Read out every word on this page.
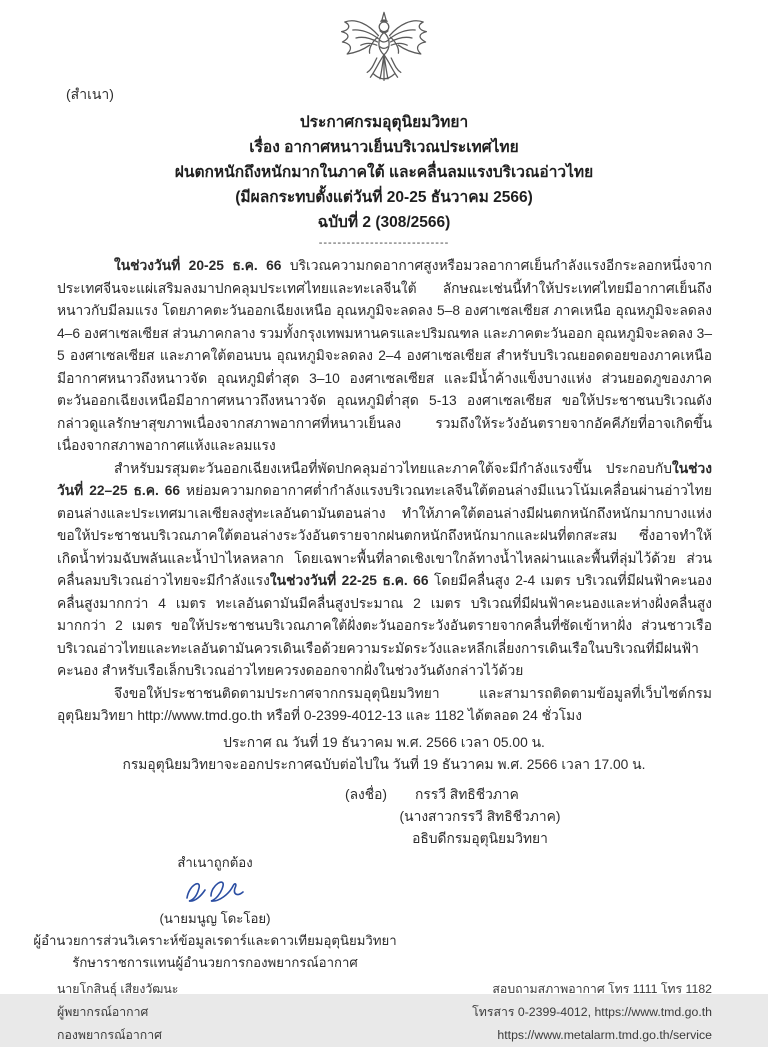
(สำเนา)
ประกาศกรมอุตุนิยมวิทยา
เรื่อง อากาศหนาวเย็นบริเวณประเทศไทย
ฝนตกหนักถึงหนักมากในภาคใต้ และคลื่นลมแรงบริเวณอ่าวไทย
(มีผลกระทบตั้งแต่วันที่ 20-25 ธันวาคม 2566)
ฉบับที่ 2 (308/2566)
----------------------------

ในช่วงวันที่ 20-25 ธ.ค. 66 บริเวณความกดอากาศสูงหรือมวลอากาศเย็นกำลังแรงอีกระลอกหนึ่งจากประเทศจีนจะแผ่เสริมลงมาปกคลุมประเทศไทยและทะเลจีนใต้ ลักษณะเช่นนี้ทำให้ประเทศไทยมีอากาศเย็นถึงหนาวกับมีลมแรง โดยภาคตะวันออกเฉียงเหนือ อุณหภูมิจะลดลง 5–8 องศาเซลเซียส ภาคเหนือ อุณหภูมิจะลดลง 4–6 องศาเซลเซียส ส่วนภาคกลาง รวมทั้งกรุงเทพมหานครและปริมณฑล และภาคตะวันออก อุณหภูมิจะลดลง 3–5 องศาเซลเซียส และภาคใต้ตอนบน อุณหภูมิจะลดลง 2–4 องศาเซลเซียส สำหรับบริเวณยอดดอยของภาคเหนือมีอากาศหนาวถึงหนาวจัด อุณหภูมิต่ำสุด 3–10 องศาเซลเซียส และมีน้ำค้างแข็งบางแห่ง ส่วนยอดภูของภาคตะวันออกเฉียงเหนือมีอากาศหนาวถึงหนาวจัด อุณหภูมิต่ำสุด 5-13 องศาเซลเซียส ขอให้ประชาชนบริเวณดังกล่าวดูแลรักษาสุขภาพเนื่องจากสภาพอากาศที่หนาวเย็นลง รวมถึงให้ระวังอันตรายจากอัคคีภัยที่อาจเกิดขึ้นเนื่องจากสภาพอากาศแห้งและลมแรง

สำหรับมรสุมตะวันออกเฉียงเหนือที่พัดปกคลุมอ่าวไทยและภาคใต้จะมีกำลังแรงขึ้น ประกอบกับในช่วงวันที่ 22–25 ธ.ค. 66 หย่อมความกดอากาศต่ำกำลังแรงบริเวณทะเลจีนใต้ตอนล่างมีแนวโน้มเคลื่อนผ่านอ่าวไทยตอนล่างและประเทศมาเลเซียลงสู่ทะเลอันดามันตอนล่าง ทำให้ภาคใต้ตอนล่างมีฝนตกหนักถึงหนักมากบางแห่ง ขอให้ประชาชนบริเวณภาคใต้ตอนล่างระวังอันตรายจากฝนตกหนักถึงหนักมากและฝนที่ตกสะสม ซึ่งอาจทำให้เกิดน้ำท่วมฉับพลันและน้ำป่าไหลหลาก โดยเฉพาะพื้นที่ลาดเชิงเขาใกล้ทางน้ำไหลผ่านและพื้นที่ลุ่มไว้ด้วย ส่วนคลื่นลมบริเวณอ่าวไทยจะมีกำลังแรงในช่วงวันที่ 22-25 ธ.ค. 66 โดยมีคลื่นสูง 2-4 เมตร บริเวณที่มีฝนฟ้าคะนองคลื่นสูงมากกว่า 4 เมตร ทะเลอันดามันมีคลื่นสูงประมาณ 2 เมตร บริเวณที่มีฝนฟ้าคะนองและห่างฝั่งคลื่นสูงมากกว่า 2 เมตร ขอให้ประชาชนบริเวณภาคใต้ฝั่งตะวันออกระวังอันตรายจากคลื่นที่ซัดเข้าหาฝั่ง ส่วนชาวเรือบริเวณอ่าวไทยและทะเลอันดามันควรเดินเรือด้วยความระมัดระวังและหลีกเลี่ยงการเดินเรือในบริเวณที่มีฝนฟ้าคะนอง สำหรับเรือเล็กบริเวณอ่าวไทยควรงดออกจากฝั่งในช่วงวันดังกล่าวไว้ด้วย

จึงขอให้ประชาชนติดตามประกาศจากกรมอุตุนิยมวิทยา และสามารถติดตามข้อมูลที่เว็บไซต์กรมอุตุนิยมวิทยา http://www.tmd.go.th หรือที่ 0-2399-4012-13 และ 1182 ได้ตลอด 24 ชั่วโมง

ประกาศ ณ วันที่ 19 ธันวาคม พ.ศ. 2566 เวลา 05.00 น.
กรมอุตุนิยมวิทยาจะออกประกาศฉบับต่อไปใน วันที่ 19 ธันวาคม พ.ศ. 2566 เวลา 17.00 น.
(ลงชื่อ) กรรวี สิทธิชีวภาค
(นางสาวกรรวี สิทธิชีวภาค)
อธิบดีกรมอุตุนิยมวิทยา
สำเนาถูกต้อง
(นายมนูญ โดะโอย)
ผู้อำนวยการส่วนวิเคราะห์ข้อมูลเรดาร์และดาวเทียมอุตุนิยมวิทยา
รักษาราชการแทนผู้อำนวยการกองพยากรณ์อากาศ
นายโกสินธุ์ เสียงวัฒนะ
ผู้พยากรณ์อากาศ
กองพยากรณ์อากาศ
สอบถามสภาพอากาศ โทร 1111 โทร 1182
โทรสาร 0-2399-4012, https://www.tmd.go.th
https://www.metalarm.tmd.go.th/service
